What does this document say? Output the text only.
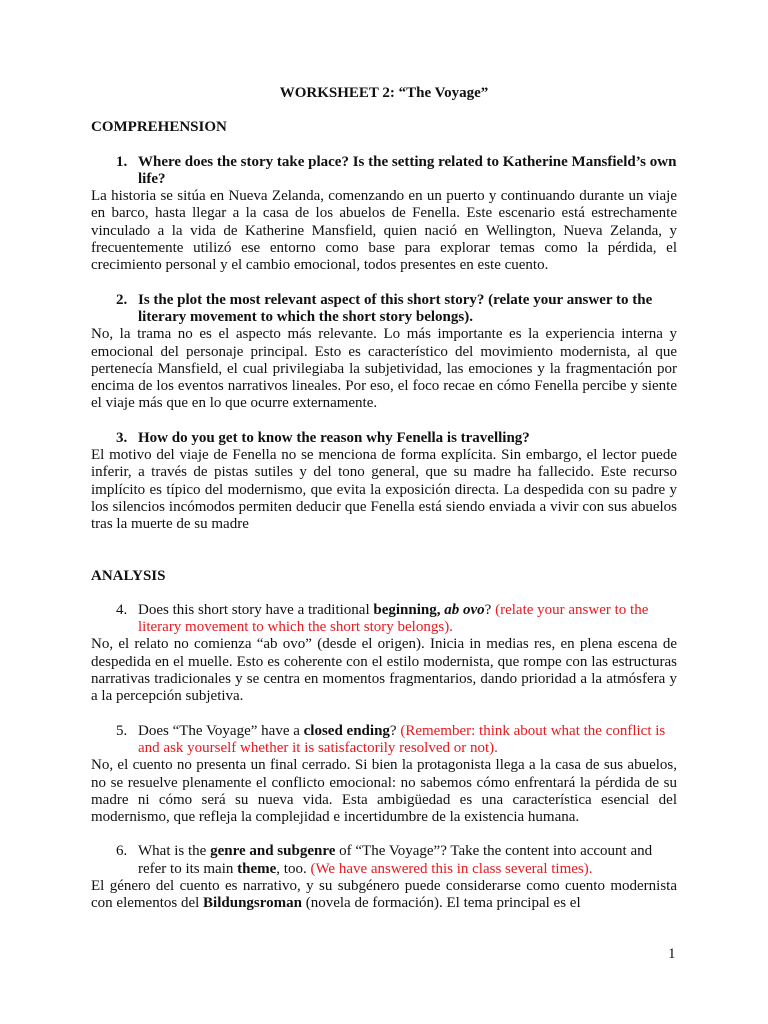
WORKSHEET 2: “The Voyage”

COMPREHENSION

1. Where does the story take place? Is the setting related to Katherine Mansfield’s own life?

La historia se sitúa en Nueva Zelanda, comenzando en un puerto y continuando durante un viaje en barco, hasta llegar a la casa de los abuelos de Fenella. Este escenario está estrechamente vinculado a la vida de Katherine Mansfield, quien nació en Wellington, Nueva Zelanda, y frecuentemente utilizó ese entorno como base para explorar temas como la pérdida, el crecimiento personal y el cambio emocional, todos presentes en este cuento.

2. Is the plot the most relevant aspect of this short story? (relate your answer to the literary movement to which the short story belongs).

No, la trama no es el aspecto más relevante. Lo más importante es la experiencia interna y emocional del personaje principal. Esto es característico del movimiento modernista, al que pertenecía Mansfield, el cual privilegiaba la subjetividad, las emociones y la fragmentación por encima de los eventos narrativos lineales. Por eso, el foco recae en cómo Fenella percibe y siente el viaje más que en lo que ocurre externamente.

3. How do you get to know the reason why Fenella is travelling?

El motivo del viaje de Fenella no se menciona de forma explícita. Sin embargo, el lector puede inferir, a través de pistas sutiles y del tono general, que su madre ha fallecido. Este recurso implícito es típico del modernismo, que evita la exposición directa. La despedida con su padre y los silencios incómodos permiten deducir que Fenella está siendo enviada a vivir con sus abuelos tras la muerte de su madre

ANALYSIS

4. Does this short story have a traditional beginning, ab ovo? (relate your answer to the literary movement to which the short story belongs).

No, el relato no comienza “ab ovo” (desde el origen). Inicia in medias res, en plena escena de despedida en el muelle. Esto es coherente con el estilo modernista, que rompe con las estructuras narrativas tradicionales y se centra en momentos fragmentarios, dando prioridad a la atmósfera y a la percepción subjetiva.

5. Does “The Voyage” have a closed ending? (Remember: think about what the conflict is and ask yourself whether it is satisfactorily resolved or not).

No, el cuento no presenta un final cerrado. Si bien la protagonista llega a la casa de sus abuelos, no se resuelve plenamente el conflicto emocional: no sabemos cómo enfrentará la pérdida de su madre ni cómo será su nueva vida. Esta ambigüedad es una característica esencial del modernismo, que refleja la complejidad e incertidumbre de la existencia humana.

6. What is the genre and subgenre of “The Voyage”? Take the content into account and refer to its main theme, too. (We have answered this in class several times).

El género del cuento es narrativo, y su subgénero puede considerarse como cuento modernista con elementos del Bildungsroman (novela de formación). El tema principal es el

1
